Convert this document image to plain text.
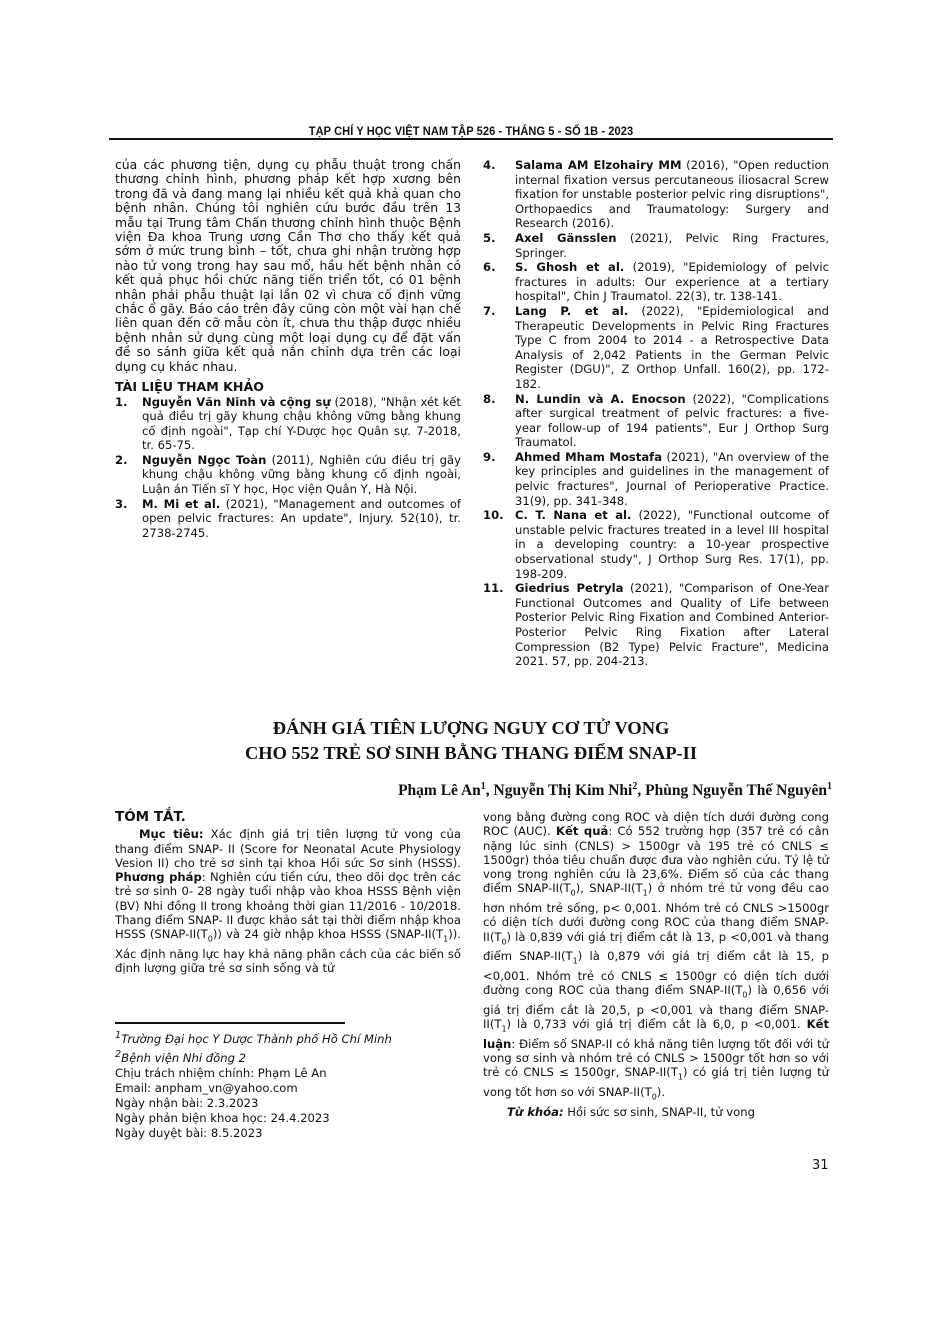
TẠP CHÍ Y HỌC VIỆT NAM TẬP 526 - THÁNG 5 - SỐ 1B - 2023

của các phương tiện, dụng cụ phẫu thuật trong chấn thương chỉnh hình, phương pháp kết hợp xương bên trong đã và đang mang lại nhiều kết quả khả quan cho bệnh nhân. Chúng tôi nghiên cứu bước đầu trên 13 mẫu tại Trung tâm Chấn thương chỉnh hình thuộc Bệnh viện Đa khoa Trung ương Cần Thơ cho thấy kết quả sớm ở mức trung bình – tốt, chưa ghi nhận trường hợp nào tử vong trong hay sau mổ, hầu hết bệnh nhân có kết quả phục hồi chức năng tiến triển tốt, có 01 bệnh nhân phải phẫu thuật lại lần 02 vì chưa cố định vững chắc ổ gãy. Báo cáo trên đây cũng còn một vài hạn chế liên quan đến cỡ mẫu còn ít, chưa thu thập được nhiều bệnh nhân sử dụng cùng một loại dụng cụ để đặt vấn đề so sánh giữa kết quả nắn chỉnh dựa trên các loại dụng cụ khác nhau.

TÀI LIỆU THAM KHẢO

1.	Nguyễn Văn Ninh và cộng sự (2018), "Nhận xét kết quả điều trị gãy khung chậu không vững bằng khung cố định ngoài", Tạp chí Y-Dược học Quân sự. 7-2018, tr. 65-75.
2.	Nguyễn Ngọc Toàn (2011), Nghiên cứu điều trị gãy khung chậu không vững bằng khung cố định ngoài, Luận án Tiến sĩ Y học, Học viện Quân Y, Hà Nội.
3.	M. Mi et al. (2021), "Management and outcomes of open pelvic fractures: An update", Injury. 52(10), tr. 2738-2745.
4.	Salama AM Elzohairy MM (2016), "Open reduction internal fixation versus percutaneous iliosacral Screw fixation for unstable posterior pelvic ring disruptions", Orthopaedics and Traumatology: Surgery and Research (2016).
5.	Axel Gänsslen (2021), Pelvic Ring Fractures, Springer.
6.	S. Ghosh et al. (2019), "Epidemiology of pelvic fractures in adults: Our experience at a tertiary hospital", Chin J Traumatol. 22(3), tr. 138-141.
7.	Lang P. et al. (2022), "Epidemiological and Therapeutic Developments in Pelvic Ring Fractures Type C from 2004 to 2014 - a Retrospective Data Analysis of 2,042 Patients in the German Pelvic Register (DGU)", Z Orthop Unfall. 160(2), pp. 172-182.
8.	N. Lundin và A. Enocson (2022), "Complications after surgical treatment of pelvic fractures: a five-year follow-up of 194 patients", Eur J Orthop Surg Traumatol.
9.	Ahmed Mham Mostafa (2021), "An overview of the key principles and guidelines in the management of pelvic fractures", Journal of Perioperative Practice. 31(9), pp. 341-348.
10. C. T. Nana et al. (2022), "Functional outcome of unstable pelvic fractures treated in a level III hospital in a developing country: a 10-year prospective observational study", J Orthop Surg Res. 17(1), pp. 198-209.
11. Giedrius Petryla (2021), "Comparison of One-Year Functional Outcomes and Quality of Life between Posterior Pelvic Ring Fixation and Combined Anterior-Posterior Pelvic Ring Fixation after Lateral Compression (B2 Type) Pelvic Fracture", Medicina 2021. 57, pp. 204-213.
ĐÁNH GIÁ TIÊN LƯỢNG NGUY CƠ TỬ VONG
CHO 552 TRẺ SƠ SINH BẰNG THANG ĐIỂM SNAP-II
Phạm Lê An$^1$, Nguyễn Thị Kim Nhi$^2$, Phùng Nguyễn Thế Nguyên$^1$

TÓM TẮT.

Mục tiêu: Xác định giá trị tiên lượng tử vong của thang điểm SNAP- II (Score for Neonatal Acute Physiology Vesion II) cho trẻ sơ sinh tại khoa Hồi sức Sơ sinh (HSSS). Phương pháp: Nghiên cứu tiền cứu, theo dõi dọc trên các trẻ sơ sinh 0- 28 ngày tuổi nhập vào khoa HSSS Bệnh viện (BV) Nhi đồng II trong khoảng thời gian 11/2016 - 10/2018. Thang điểm SNAP- II được khảo sát tại thời điểm nhập khoa HSSS $(SNAP-II(T_0))$ và 24 giờ nhập khoa HSSS $(SNAP-II(T_1))$. Xác định năng lực hay khả năng phân cách của các biến số định lượng giữa trẻ sơ sinh sống và tử

$^1$Trường Đại học Y Dược Thành phố Hồ Chí Minh
$^2$Bệnh viện Nhi đồng 2
Chịu trách nhiệm chính: Phạm Lê An
Email: anpham_vn@yahoo.com
Ngày nhận bài: 2.3.2023
Ngày phản biện khoa học: 24.4.2023
Ngày duyệt bài: 8.5.2023

vong bằng đường cong ROC và diện tích dưới đường cong ROC (AUC). Kết quả: Có 552 trường hợp (357 trẻ có cân nặng lúc sinh (CNLS) > 1500gr và 195 trẻ có CNLS ≤ 1500gr) thỏa tiêu chuẩn được đưa vào nghiên cứu. Tỷ lệ tử vong trong nghiên cứu là 23,6%. Điểm số của các thang điểm SNAP-$II(T_0)$, SNAP-$II(T_1)$ ở nhóm trẻ tử vong đều cao hơn nhóm trẻ sống, p< 0,001. Nhóm trẻ có CNLS >1500gr có diện tích dưới đường cong ROC của thang điểm SNAP-$II(T_0)$ là 0,839 với giá trị điểm cắt là 13, p <0,001 và thang điểm SNAP-$II(T_1)$ là 0,879 với giá trị điểm cắt là 15, p <0,001. Nhóm trẻ có CNLS ≤ 1500gr có diện tích dưới đường cong ROC của thang điểm SNAP-$II(T_0)$ là 0,656 với giá trị điểm cắt là 20,5, p <0,001 và thang điểm SNAP-$II(T_1)$ là 0,733 với giá trị điểm cắt là 6,0, p <0,001. Kết luận: Điểm số SNAP-II có khả năng tiên lượng tốt đối với tử vong sơ sinh và nhóm trẻ có CNLS > 1500gr tốt hơn so với trẻ có CNLS ≤ 1500gr, SNAP-$II(T_1)$ có giá trị tiên lượng tử vong tốt hơn so với SNAP-$II(T_0)$.

Từ khóa: Hồi sức sơ sinh, SNAP-II, tử vong

31
